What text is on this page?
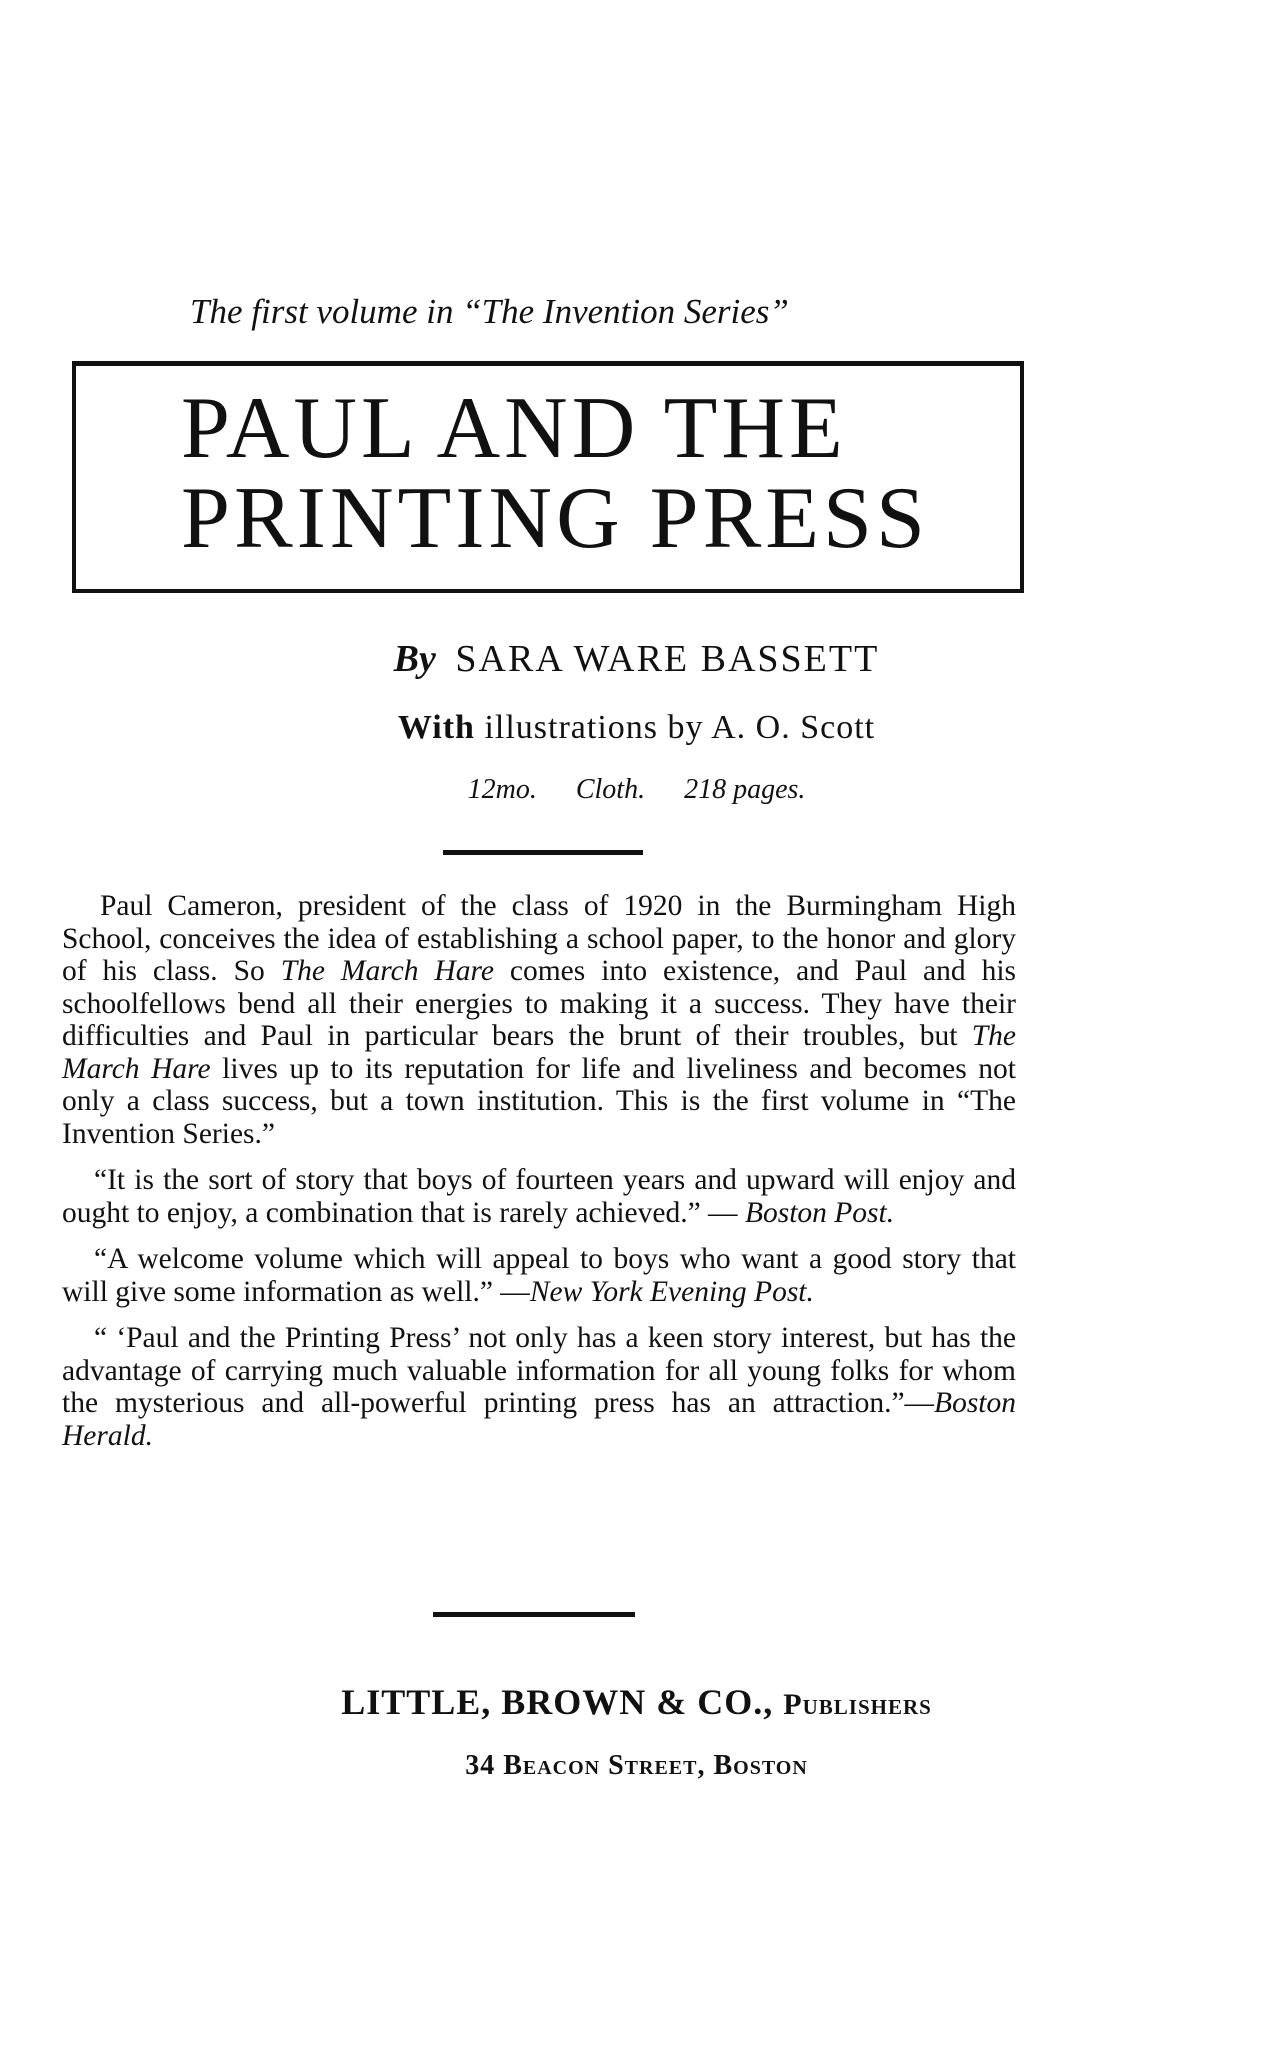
The first volume in “The Invention Series”
PAUL AND THE
PRINTING PRESS
By SARA WARE BASSETT
With illustrations by A. O. Scott
12mo. Cloth. 218 pages.

Paul Cameron, president of the class of 1920 in the Burmingham High School, conceives the idea of establishing a school paper, to the honor and glory of his class. So The March Hare comes into existence, and Paul and his schoolfellows bend all their energies to making it a success. They have their difficulties and Paul in particular bears the brunt of their troubles, but The March Hare lives up to its reputation for life and liveliness and becomes not only a class success, but a town institution. This is the first volume in “The Invention Series.”

“It is the sort of story that boys of fourteen years and upward will enjoy and ought to enjoy, a combination that is rarely achieved.” — Boston Post.

“A welcome volume which will appeal to boys who want a good story that will give some information as well.” —New York Evening Post.

“ ‘Paul and the Printing Press’ not only has a keen story interest, but has the advantage of carrying much valuable information for all young folks for whom the mysterious and all-powerful printing press has an attraction.”—Boston Herald.

LITTLE, BROWN & CO., Publishers
34 Beacon Street, Boston
